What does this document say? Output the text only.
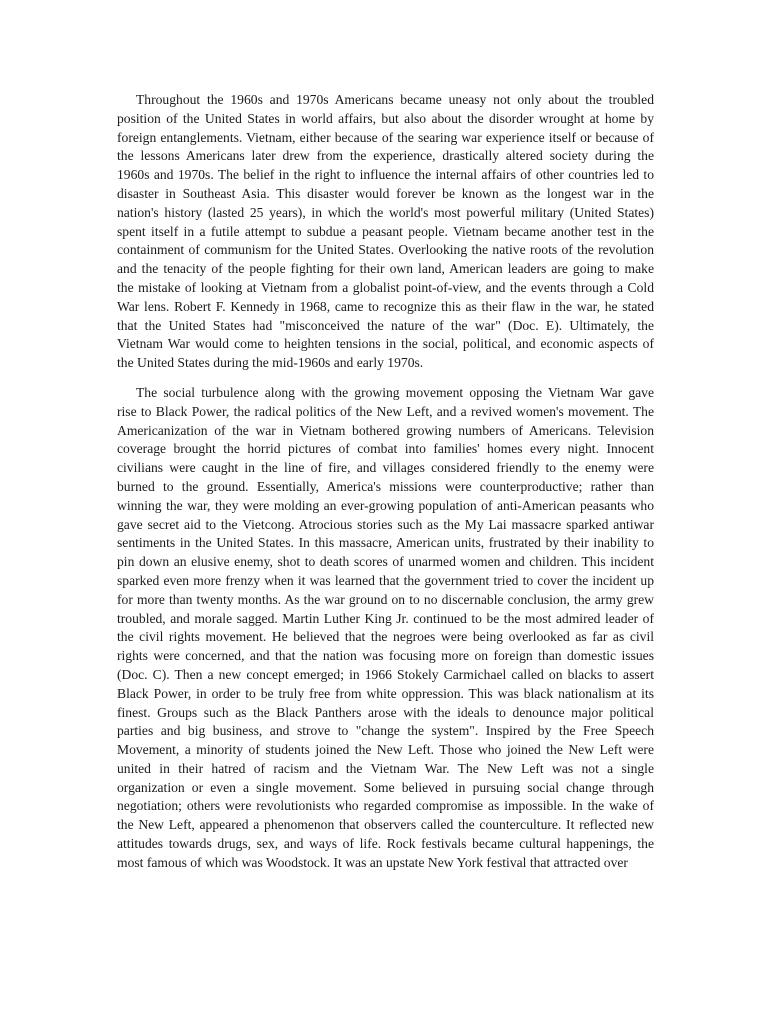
Throughout the 1960s and 1970s Americans became uneasy not only about the troubled
position of the United States in world affairs, but also about the disorder wrought at home by
foreign entanglements. Vietnam, either because of the searing war experience itself or because of
the lessons Americans later drew from the experience, drastically altered society during the
1960s and 1970s. The belief in the right to influence the internal affairs of other countries led to
disaster in Southeast Asia. This disaster would forever be known as the longest war in the
nation's history (lasted 25 years), in which the world's most powerful military (United States)
spent itself in a futile attempt to subdue a peasant people. Vietnam became another test in the
containment of communism for the United States. Overlooking the native roots of the revolution
and the tenacity of the people fighting for their own land, American leaders are going to make
the mistake of looking at Vietnam from a globalist point-of-view, and the events through a Cold
War lens. Robert F. Kennedy in 1968, came to recognize this as their flaw in the war, he stated
that the United States had "misconceived the nature of the war" (Doc. E). Ultimately, the
Vietnam War would come to heighten tensions in the social, political, and economic aspects of
the United States during the mid-1960s and early 1970s.
The social turbulence along with the growing movement opposing the Vietnam War gave
rise to Black Power, the radical politics of the New Left, and a revived women's movement. The
Americanization of the war in Vietnam bothered growing numbers of Americans. Television
coverage brought the horrid pictures of combat into families' homes every night. Innocent
civilians were caught in the line of fire, and villages considered friendly to the enemy were
burned to the ground. Essentially, America's missions were counterproductive; rather than
winning the war, they were molding an ever-growing population of anti-American peasants who
gave secret aid to the Vietcong. Atrocious stories such as the My Lai massacre sparked antiwar
sentiments in the United States. In this massacre, American units, frustrated by their inability to
pin down an elusive enemy, shot to death scores of unarmed women and children. This incident
sparked even more frenzy when it was learned that the government tried to cover the incident up
for more than twenty months. As the war ground on to no discernable conclusion, the army grew
troubled, and morale sagged. Martin Luther King Jr. continued to be the most admired leader of
the civil rights movement. He believed that the negroes were being overlooked as far as civil
rights were concerned, and that the nation was focusing more on foreign than domestic issues
(Doc. C). Then a new concept emerged; in 1966 Stokely Carmichael called on blacks to assert
Black Power, in order to be truly free from white oppression. This was black nationalism at its
finest. Groups such as the Black Panthers arose with the ideals to denounce major political
parties and big business, and strove to "change the system". Inspired by the Free Speech
Movement, a minority of students joined the New Left. Those who joined the New Left were
united in their hatred of racism and the Vietnam War. The New Left was not a single
organization or even a single movement. Some believed in pursuing social change through
negotiation; others were revolutionists who regarded compromise as impossible. In the wake of
the New Left, appeared a phenomenon that observers called the counterculture. It reflected new
attitudes towards drugs, sex, and ways of life. Rock festivals became cultural happenings, the
most famous of which was Woodstock. It was an upstate New York festival that attracted over
